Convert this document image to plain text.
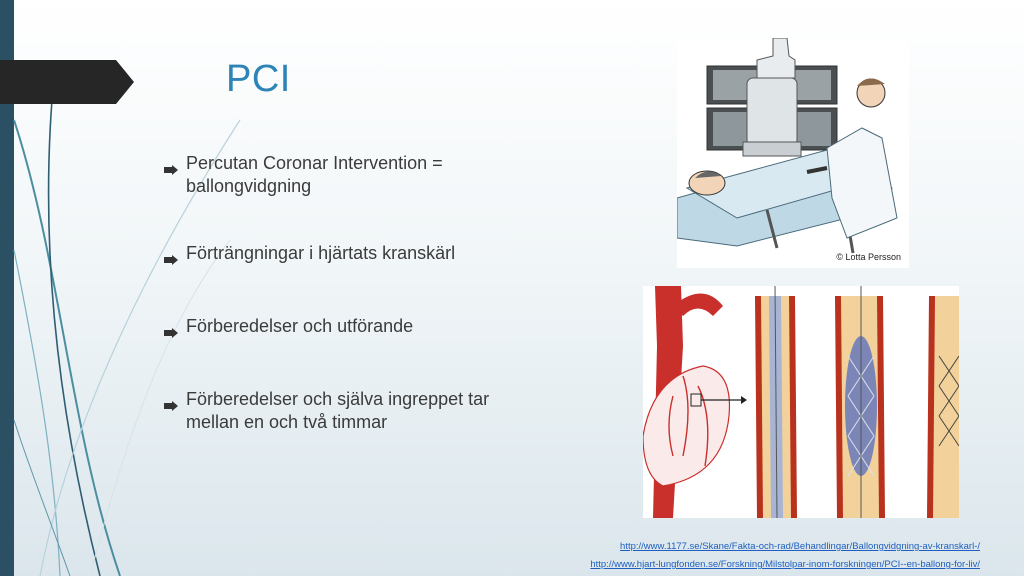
PCI
Percutan Coronar Intervention = ballongvidgning
Förträngningar i hjärtats kranskärl
Förberedelser och utförande
Förberedelser och själva ingreppet tar mellan en och två timmar
© Lotta Persson
http://www.1177.se/Skane/Fakta-och-rad/Behandlingar/Ballongvidgning-av-kranskarl-/
http://www.hjart-lungfonden.se/Forskning/Milstolpar-inom-forskningen/PCI--en-ballong-for-liv/
